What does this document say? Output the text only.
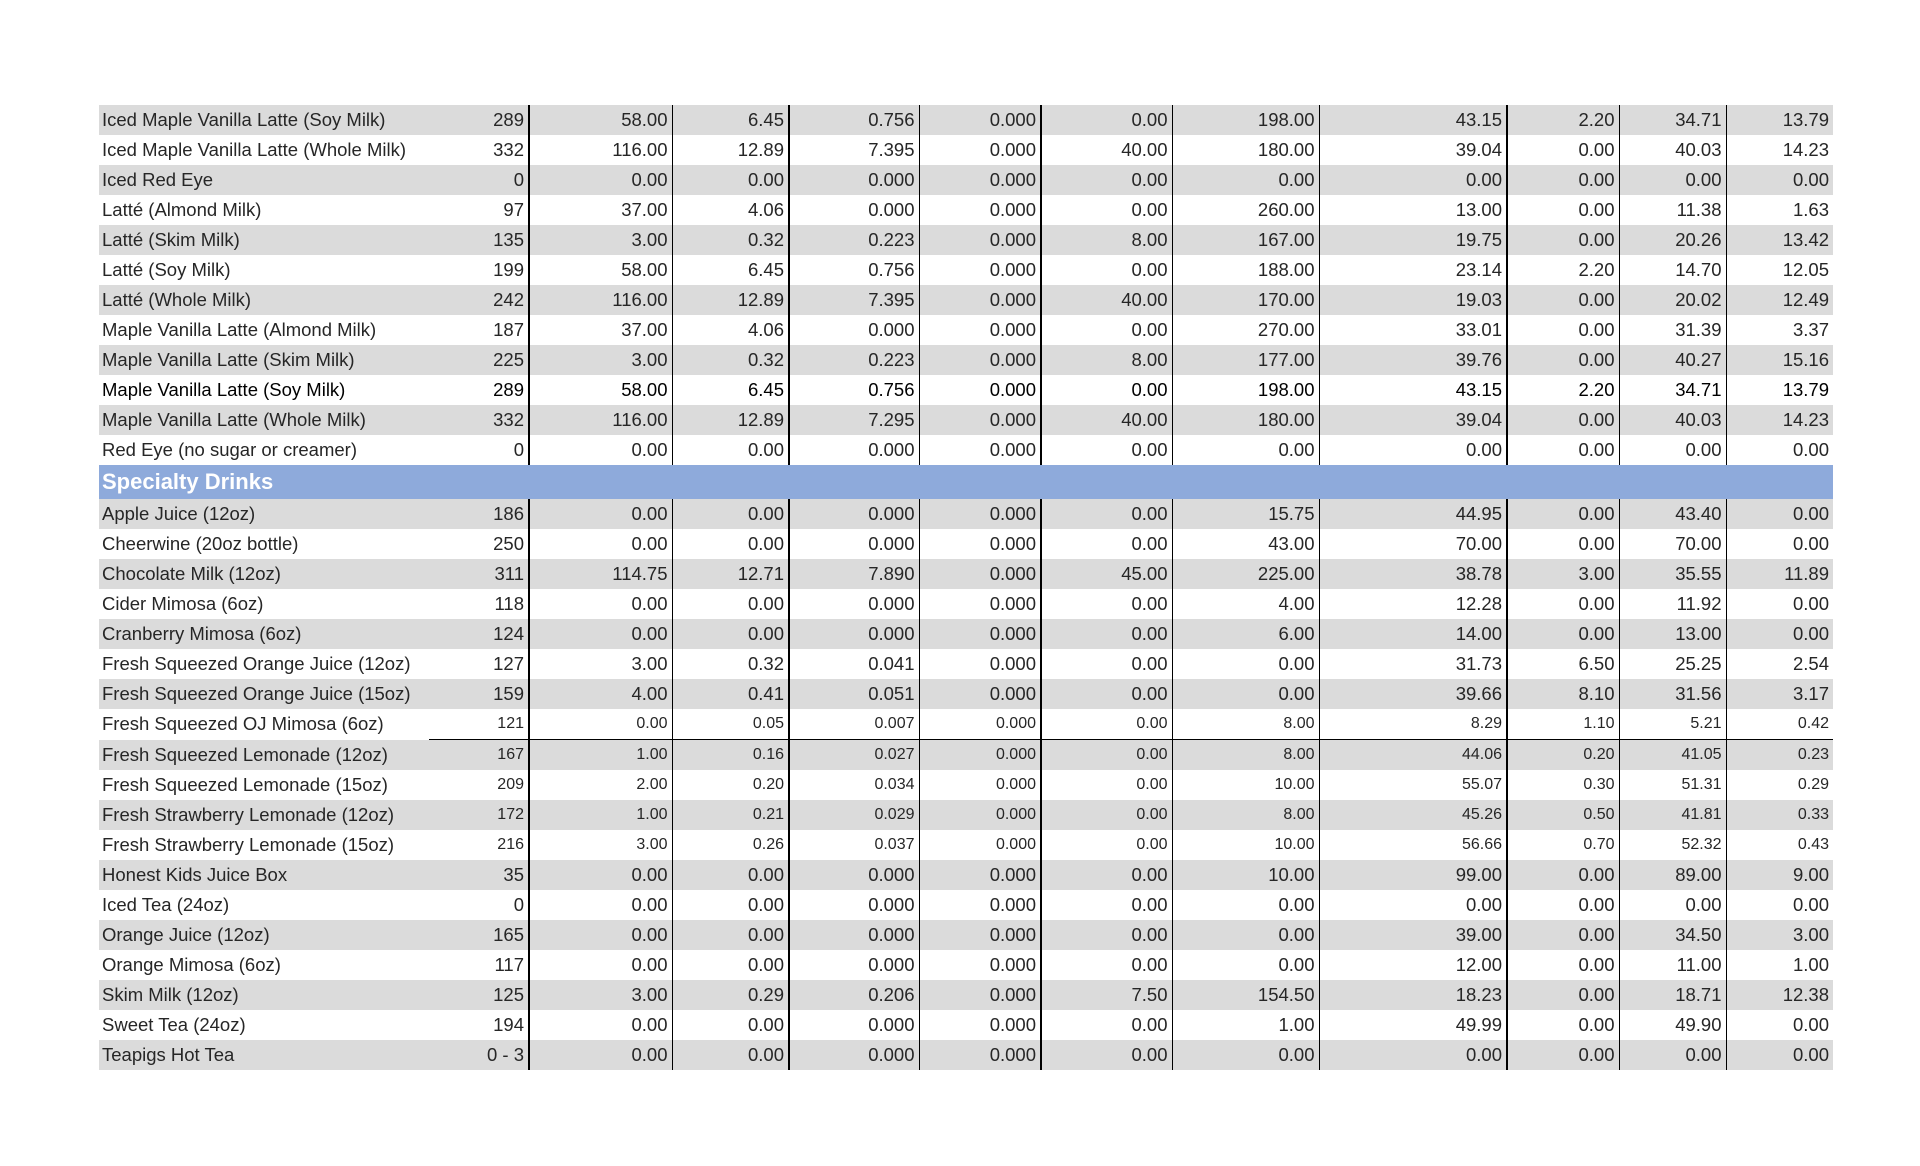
Iced Maple Vanilla Latte (Soy Milk)	289	58.00	6.45	0.756	0.000	0.00	198.00	43.15	2.20	34.71	13.79
Iced Maple Vanilla Latte (Whole Milk)	332	116.00	12.89	7.395	0.000	40.00	180.00	39.04	0.00	40.03	14.23
Iced Red Eye	0	0.00	0.00	0.000	0.000	0.00	0.00	0.00	0.00	0.00	0.00
Latté (Almond Milk)	97	37.00	4.06	0.000	0.000	0.00	260.00	13.00	0.00	11.38	1.63
Latté (Skim Milk)	135	3.00	0.32	0.223	0.000	8.00	167.00	19.75	0.00	20.26	13.42
Latté (Soy Milk)	199	58.00	6.45	0.756	0.000	0.00	188.00	23.14	2.20	14.70	12.05
Latté (Whole Milk)	242	116.00	12.89	7.395	0.000	40.00	170.00	19.03	0.00	20.02	12.49
Maple Vanilla Latte (Almond Milk)	187	37.00	4.06	0.000	0.000	0.00	270.00	33.01	0.00	31.39	3.37
Maple Vanilla Latte (Skim Milk)	225	3.00	0.32	0.223	0.000	8.00	177.00	39.76	0.00	40.27	15.16
Maple Vanilla Latte (Soy Milk)	289	58.00	6.45	0.756	0.000	0.00	198.00	43.15	2.20	34.71	13.79
Maple Vanilla Latte (Whole Milk)	332	116.00	12.89	7.295	0.000	40.00	180.00	39.04	0.00	40.03	14.23
Red Eye (no sugar or creamer)	0	0.00	0.00	0.000	0.000	0.00	0.00	0.00	0.00	0.00	0.00
Specialty Drinks											
Apple Juice (12oz)	186	0.00	0.00	0.000	0.000	0.00	15.75	44.95	0.00	43.40	0.00
Cheerwine (20oz bottle)	250	0.00	0.00	0.000	0.000	0.00	43.00	70.00	0.00	70.00	0.00
Chocolate Milk (12oz)	311	114.75	12.71	7.890	0.000	45.00	225.00	38.78	3.00	35.55	11.89
Cider Mimosa (6oz)	118	0.00	0.00	0.000	0.000	0.00	4.00	12.28	0.00	11.92	0.00
Cranberry Mimosa (6oz)	124	0.00	0.00	0.000	0.000	0.00	6.00	14.00	0.00	13.00	0.00
Fresh Squeezed Orange Juice (12oz)	127	3.00	0.32	0.041	0.000	0.00	0.00	31.73	6.50	25.25	2.54
Fresh Squeezed Orange Juice (15oz)	159	4.00	0.41	0.051	0.000	0.00	0.00	39.66	8.10	31.56	3.17
Fresh Squeezed OJ Mimosa (6oz)	121	0.00	0.05	0.007	0.000	0.00	8.00	8.29	1.10	5.21	0.42
Fresh Squeezed Lemonade (12oz)	167	1.00	0.16	0.027	0.000	0.00	8.00	44.06	0.20	41.05	0.23
Fresh Squeezed Lemonade (15oz)	209	2.00	0.20	0.034	0.000	0.00	10.00	55.07	0.30	51.31	0.29
Fresh Strawberry Lemonade (12oz)	172	1.00	0.21	0.029	0.000	0.00	8.00	45.26	0.50	41.81	0.33
Fresh Strawberry Lemonade (15oz)	216	3.00	0.26	0.037	0.000	0.00	10.00	56.66	0.70	52.32	0.43
Honest Kids Juice Box	35	0.00	0.00	0.000	0.000	0.00	10.00	99.00	0.00	89.00	9.00
Iced Tea (24oz)	0	0.00	0.00	0.000	0.000	0.00	0.00	0.00	0.00	0.00	0.00
Orange Juice (12oz)	165	0.00	0.00	0.000	0.000	0.00	0.00	39.00	0.00	34.50	3.00
Orange Mimosa (6oz)	117	0.00	0.00	0.000	0.000	0.00	0.00	12.00	0.00	11.00	1.00
Skim Milk (12oz)	125	3.00	0.29	0.206	0.000	7.50	154.50	18.23	0.00	18.71	12.38
Sweet Tea (24oz)	194	0.00	0.00	0.000	0.000	0.00	1.00	49.99	0.00	49.90	0.00
Teapigs Hot Tea	0 - 3	0.00	0.00	0.000	0.000	0.00	0.00	0.00	0.00	0.00	0.00
